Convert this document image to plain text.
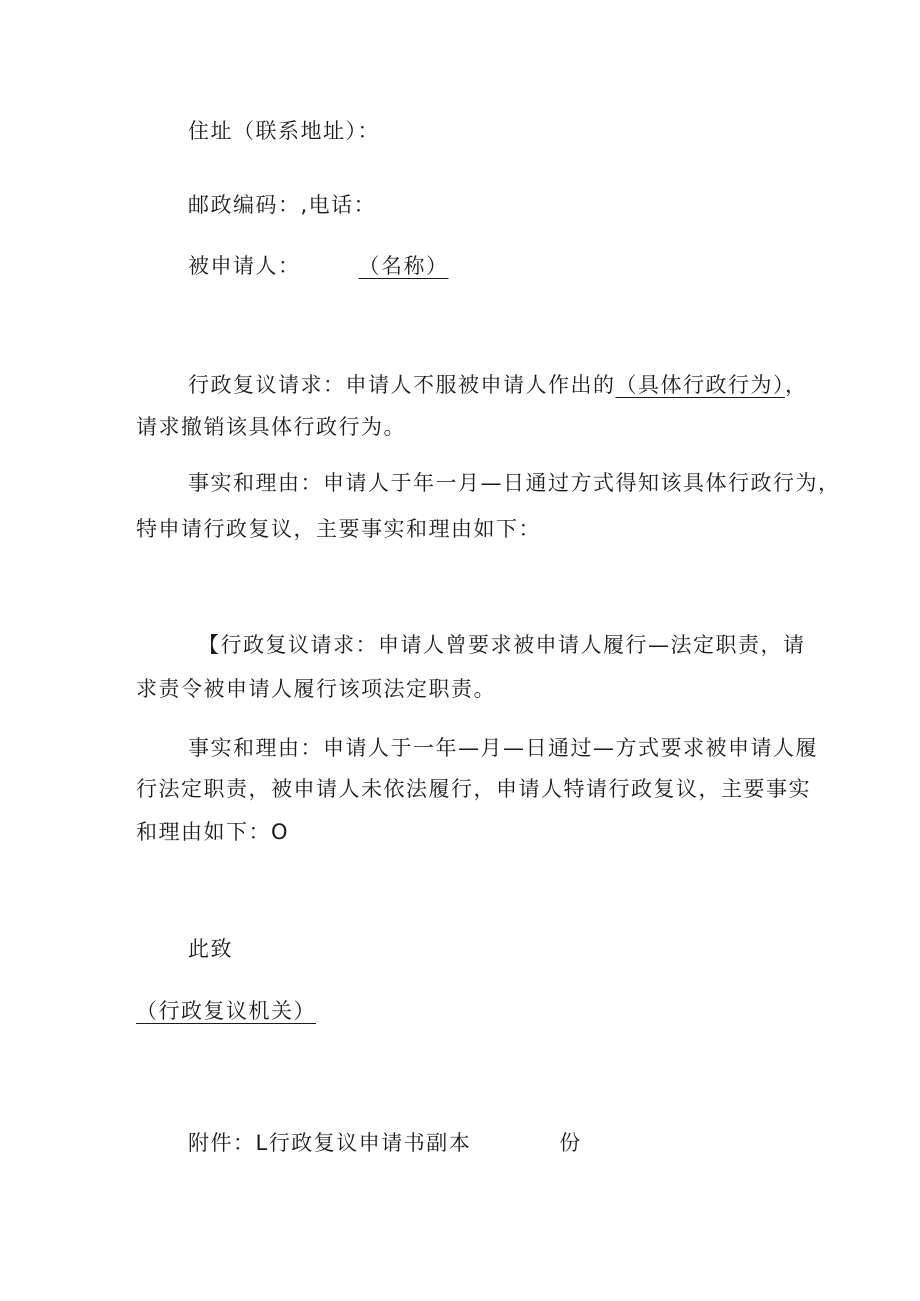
住址（联系地址）：
邮政编码：,电话：
被申请人：	（名称）
行政复议请求：申请人不服被申请人作出的（具体行政行为），
请求撤销该具体行政行为。
事实和理由：申请人于年一月—日通过方式得知该具体行政行为，
特申请行政复议，主要事实和理由如下：
【行政复议请求：申请人曾要求被申请人履行—法定职责，请
求责令被申请人履行该项法定职责。
事实和理由：申请人于一年—月—日通过—方式要求被申请人履
行法定职责，被申请人未依法履行，申请人特请行政复议，主要事实
和理由如下：O
此致
（行政复议机关）
附件：L行政复议申请书副本	份
